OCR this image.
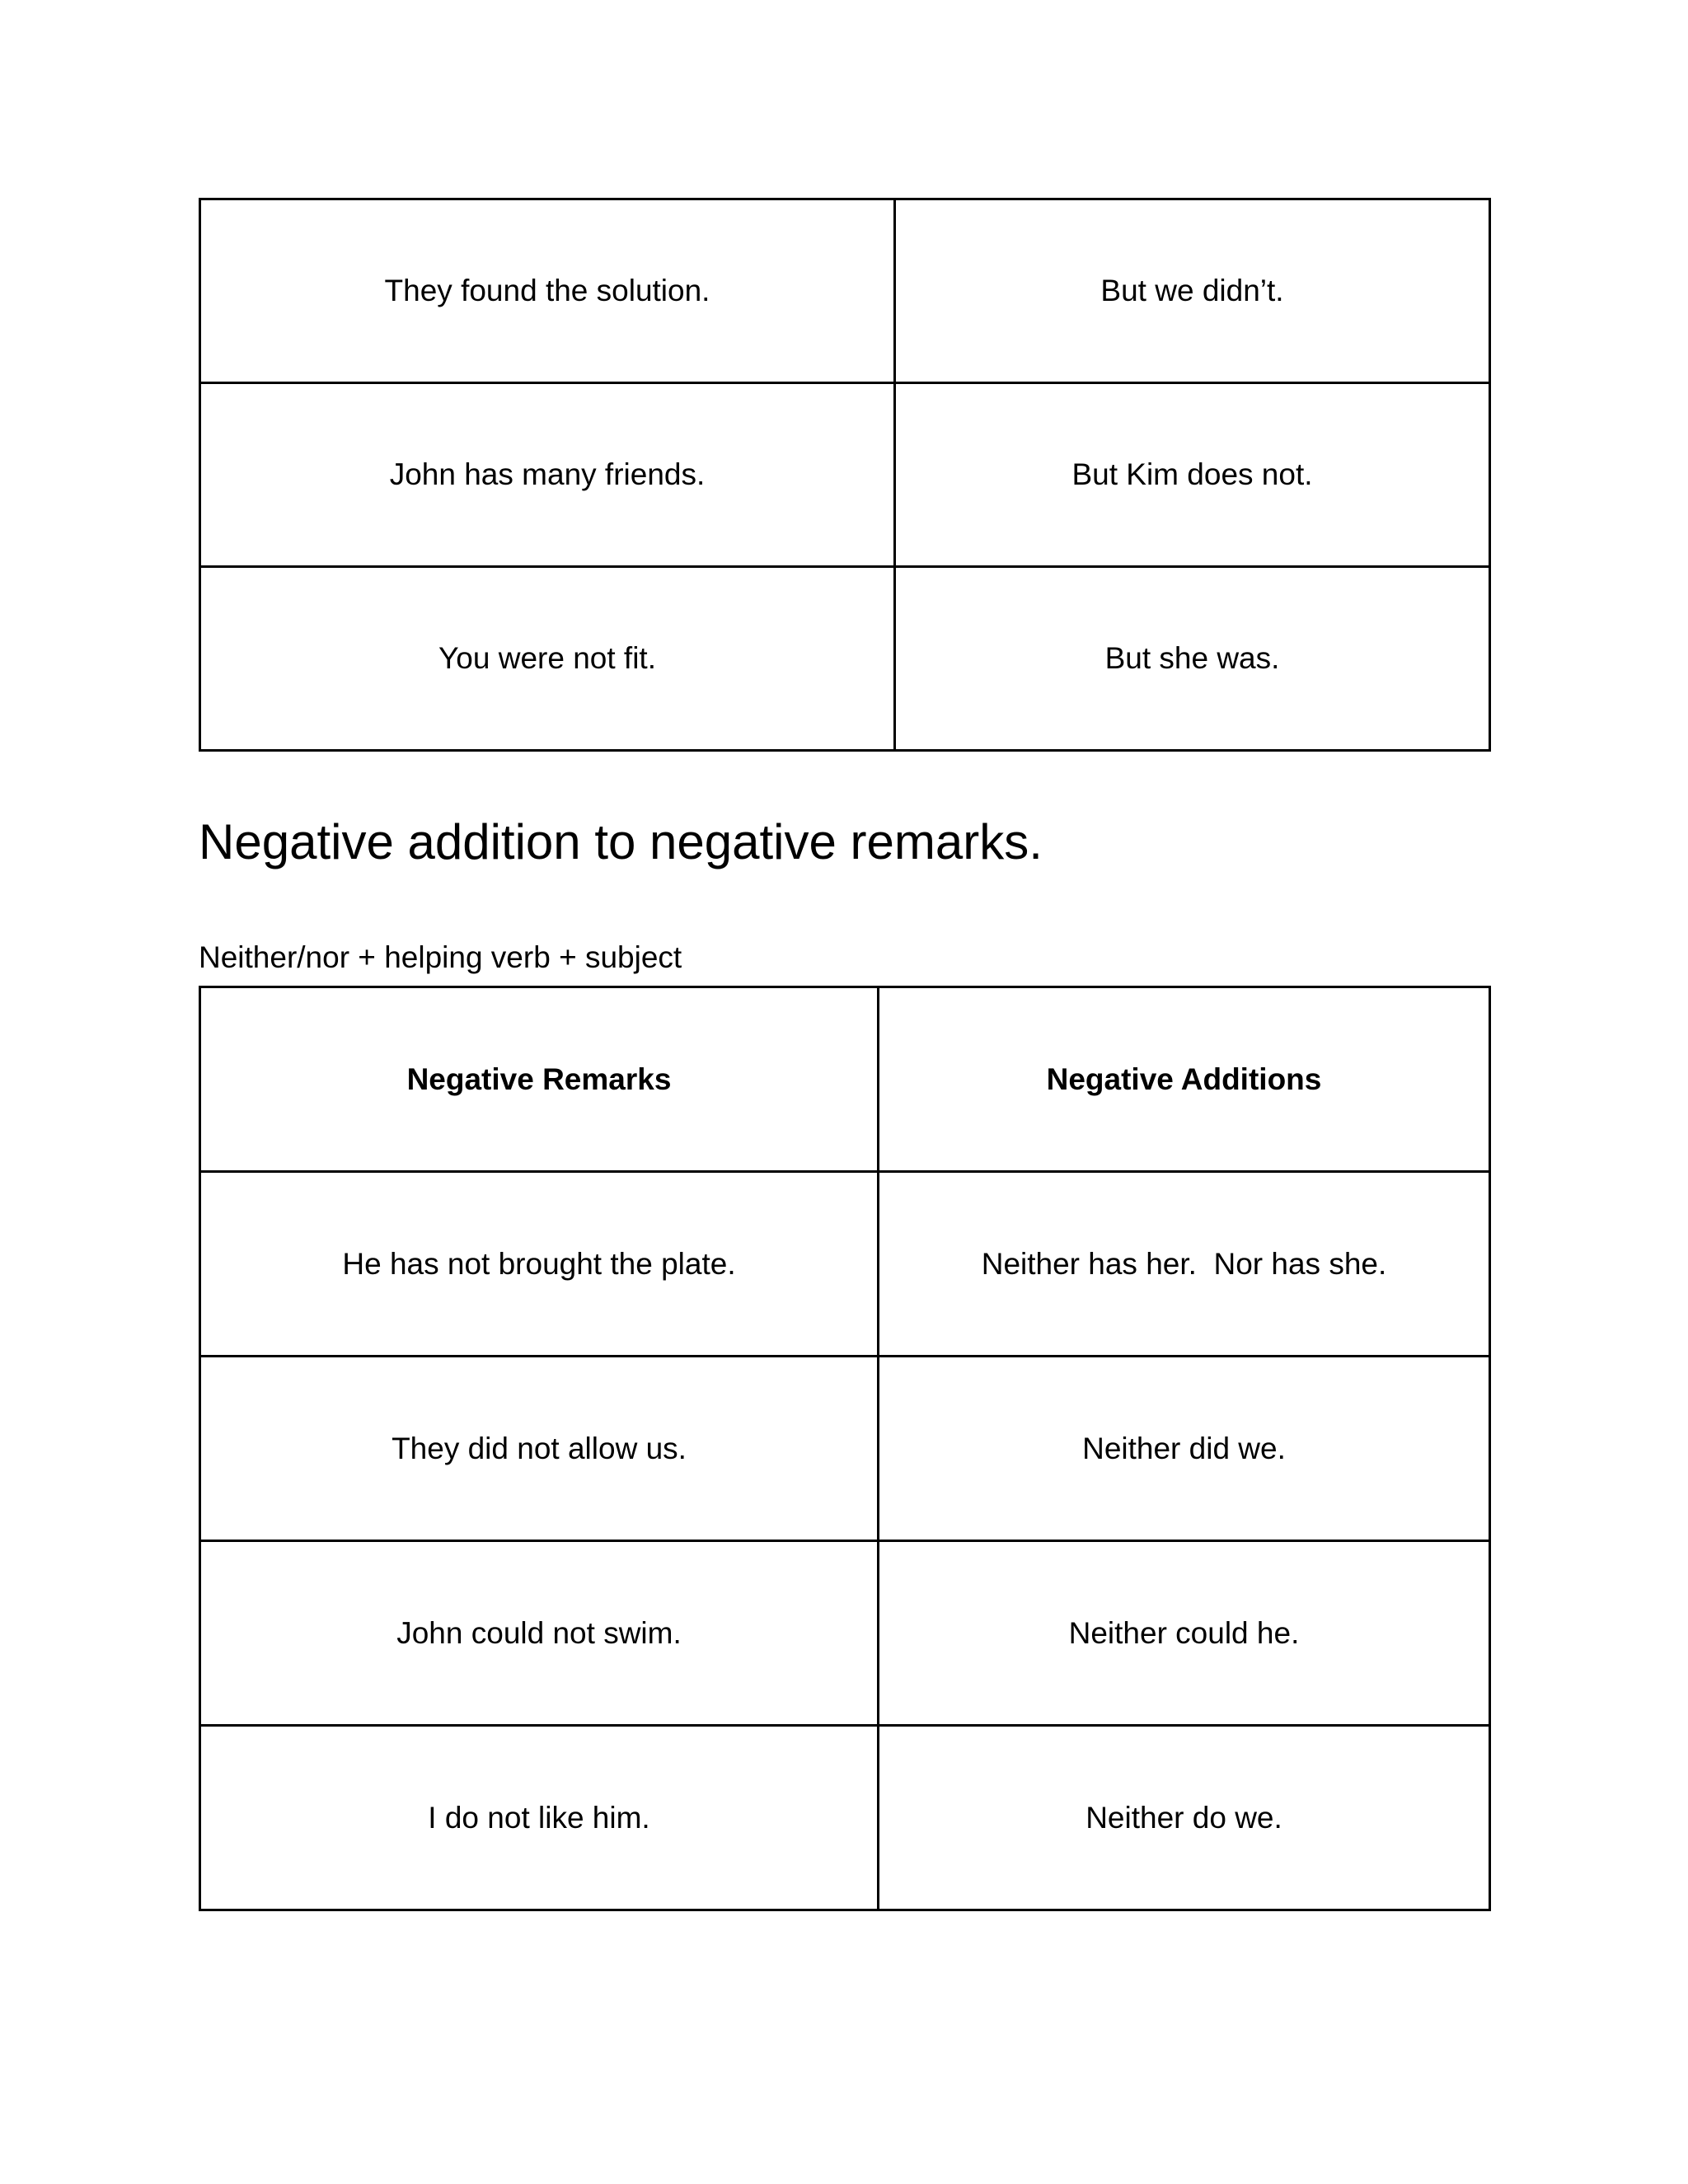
They found the solution.	But we didn’t.
John has many friends.	But Kim does not.
You were not fit.	But she was.
Negative addition to negative remarks.

Neither/nor + helping verb + subject

Negative Remarks	Negative Additions
He has not brought the plate.	Neither has her.  Nor has she.
They did not allow us.	Neither did we.
John could not swim.	Neither could he.
I do not like him.	Neither do we.
